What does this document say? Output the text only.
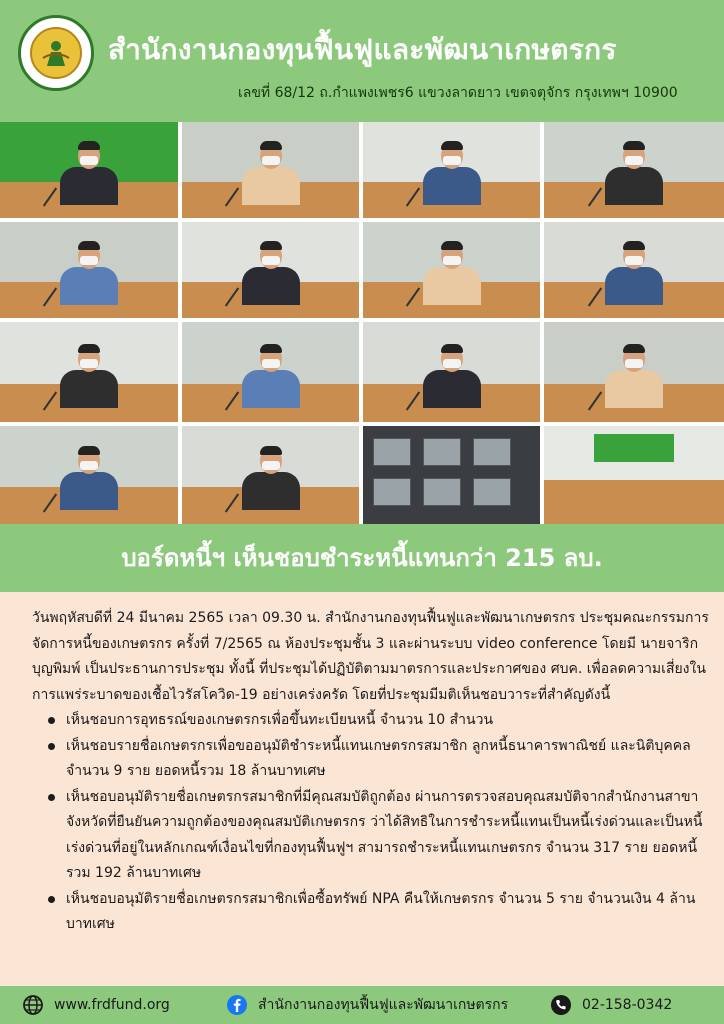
สำนักงานกองทุนฟื้นฟูและพัฒนาเกษตรกร
เลขที่ 68/12 ถ.กำแพงเพชร6 แขวงลาดยาว เขตจตุจักร กรุงเทพฯ 10900
บอร์ดหนี้ฯ เห็นชอบชำระหนี้แทนกว่า 215 ลบ.

วันพฤหัสบดีที่ 24 มีนาคม 2565 เวลา 09.30 น. สำนักงานกองทุนฟื้นฟูและพัฒนาเกษตรกร ประชุมคณะกรรมการจัดการหนี้ของเกษตรกร ครั้งที่ 7/2565 ณ ห้องประชุมชั้น 3 และผ่านระบบ video conference โดยมี นายจาริก บุญพิมพ์ เป็นประธานการประชุม ทั้งนี้ ที่ประชุมได้ปฏิบัติตามมาตรการและประกาศของ ศบค. เพื่อลดความเสี่ยงในการแพร่ระบาดของเชื้อไวรัสโควิด-19 อย่างเคร่งครัด โดยที่ประชุมมีมติเห็นชอบวาระที่สำคัญดังนี้

เห็นชอบการอุทธรณ์ของเกษตรกรเพื่อขึ้นทะเบียนหนี้ จำนวน 10 สำนวน
เห็นชอบรายชื่อเกษตรกรเพื่อขออนุมัติชำระหนี้แทนเกษตรกรสมาชิก ลูกหนี้ธนาคารพาณิชย์ และนิติบุคคล จำนวน 9 ราย ยอดหนี้รวม 18 ล้านบาทเศษ
เห็นชอบอนุมัติรายชื่อเกษตรกรสมาชิกที่มีคุณสมบัติถูกต้อง ผ่านการตรวจสอบคุณสมบัติจากสำนักงานสาขาจังหวัดที่ยืนยันความถูกต้องของคุณสมบัติเกษตรกร ว่าได้สิทธิในการชำระหนี้แทนเป็นหนี้เร่งด่วนและเป็นหนี้เร่งด่วนที่อยู่ในหลักเกณฑ์เงื่อนไขที่กองทุนฟื้นฟูฯ สามารถชำระหนี้แทนเกษตรกร จำนวน 317 ราย ยอดหนี้รวม 192 ล้านบาทเศษ
เห็นชอบอนุมัติรายชื่อเกษตรกรสมาชิกเพื่อซื้อทรัพย์ NPA คืนให้เกษตรกร จำนวน 5 ราย จำนวนเงิน 4 ล้านบาทเศษ
www.frdfund.org	สำนักงานกองทุนฟื้นฟูและพัฒนาเกษตรกร	02-158-0342
